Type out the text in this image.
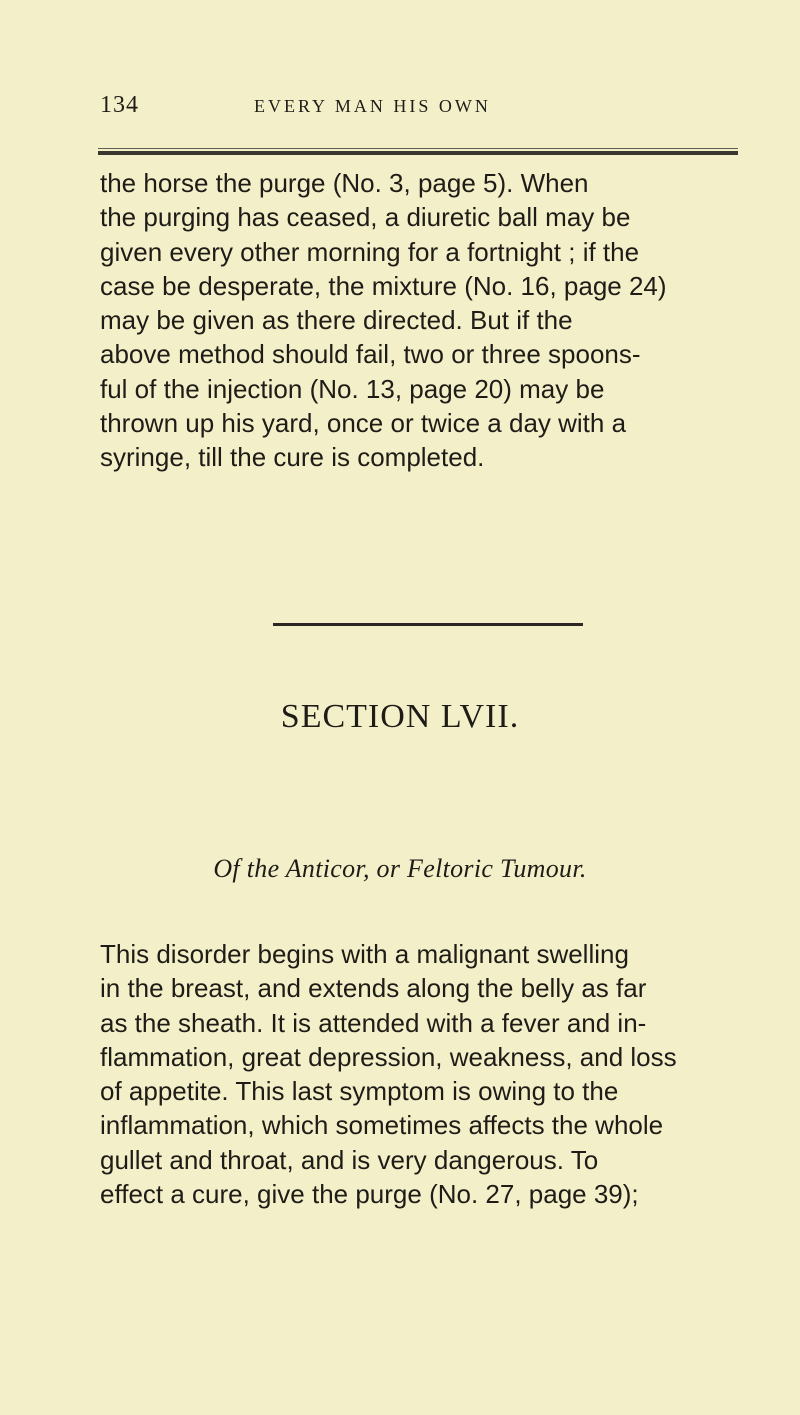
134	EVERY MAN HIS OWN
the horse the purge (No. 3, page 5). When
the purging has ceased, a diuretic ball may be
given every other morning for a fortnight ; if the
case be desperate, the mixture (No. 16, page 24)
may be given as there directed. But if the
above method should fail, two or three spoons-
ful of the injection (No. 13, page 20) may be
thrown up his yard, once or twice a day with a
syringe, till the cure is completed.
SECTION LVII.
Of the Anticor, or Feltoric Tumour.
This disorder begins with a malignant swelling
in the breast, and extends along the belly as far
as the sheath. It is attended with a fever and in-
flammation, great depression, weakness, and loss
of appetite. This last symptom is owing to the
inflammation, which sometimes affects the whole
gullet and throat, and is very dangerous. To
effect a cure, give the purge (No. 27, page 39);
